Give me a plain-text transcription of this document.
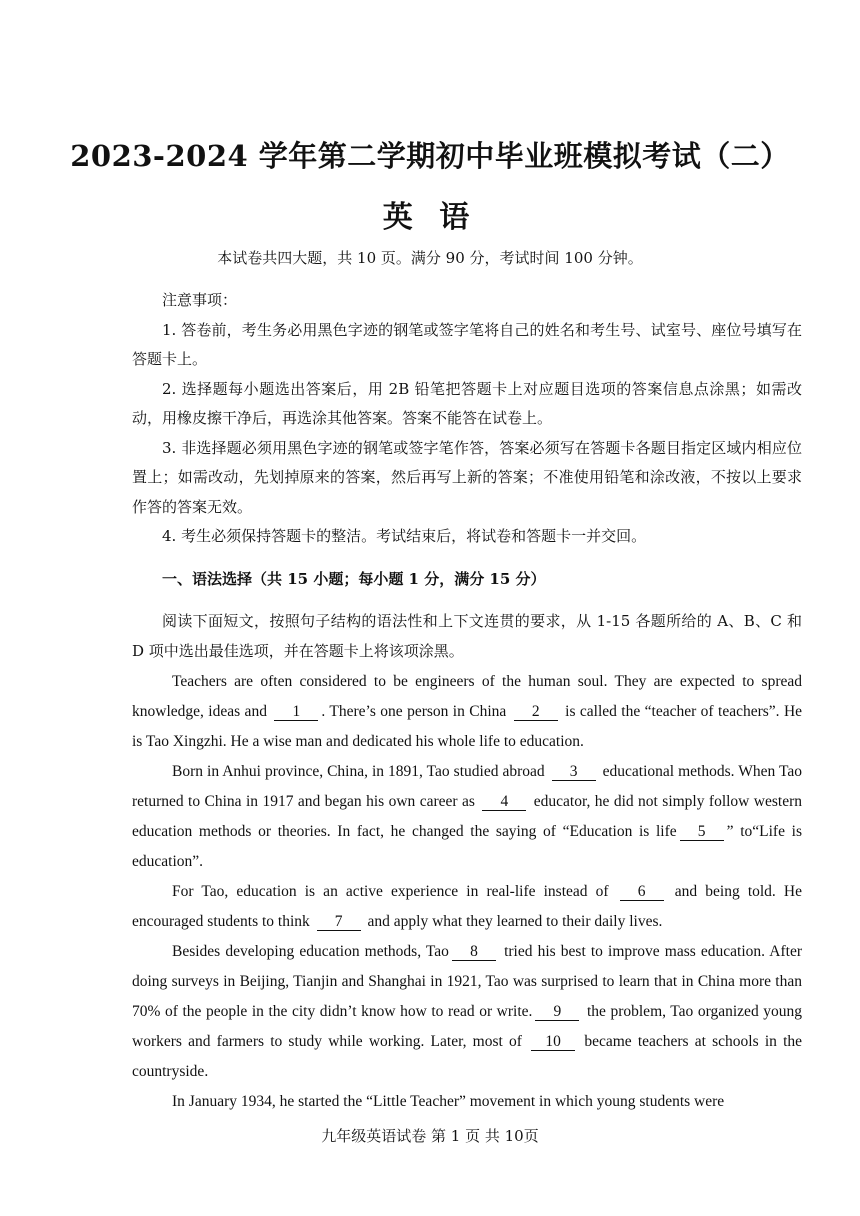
2023-2024 学年第二学期初中毕业班模拟考试（二）
英 语
本试卷共四大题，共 10 页。满分 90 分，考试时间 100 分钟。

注意事项：

1. 答卷前，考生务必用黑色字迹的钢笔或签字笔将自己的姓名和考生号、试室号、座位号填写在答题卡上。

2. 选择题每小题选出答案后，用 2B 铅笔把答题卡上对应题目选项的答案信息点涂黑；如需改动，用橡皮擦干净后，再选涂其他答案。答案不能答在试卷上。

3. 非选择题必须用黑色字迹的钢笔或签字笔作答，答案必须写在答题卡各题目指定区域内相应位置上；如需改动，先划掉原来的答案，然后再写上新的答案；不准使用铅笔和涂改液，不按以上要求作答的答案无效。

4. 考生必须保持答题卡的整洁。考试结束后，将试卷和答题卡一并交回。

一、语法选择（共 15 小题；每小题 1 分，满分 15 分）

阅读下面短文，按照句子结构的语法性和上下文连贯的要求，从 1-15 各题所给的 A、B、C 和 D 项中选出最佳选项，并在答题卡上将该项涂黑。

Teachers are often considered to be engineers of the human soul. They are expected to spread knowledge, ideas and 1 . There’s one person in China 2 is called the “teacher of teachers”. He is Tao Xingzhi. He a wise man and dedicated his whole life to education.

Born in Anhui province, China, in 1891, Tao studied abroad 3 educational methods. When Tao returned to China in 1917 and began his own career as 4 educator, he did not simply follow western education methods or theories. In fact, he changed the saying of “Education is life 5 ” to“Life is education”.

For Tao, education is an active experience in real-life instead of 6 and being told. He encouraged students to think 7 and apply what they learned to their daily lives.

Besides developing education methods, Tao 8 tried his best to improve mass education. After doing surveys in Beijing, Tianjin and Shanghai in 1921, Tao was surprised to learn that in China more than 70% of the people in the city didn’t know how to read or write. 9 the problem, Tao organized young workers and farmers to study while working. Later, most of 10 became teachers at schools in the countryside.

In January 1934, he started the “Little Teacher” movement in which young students were

九年级英语试卷 第 1 页 共 10页
